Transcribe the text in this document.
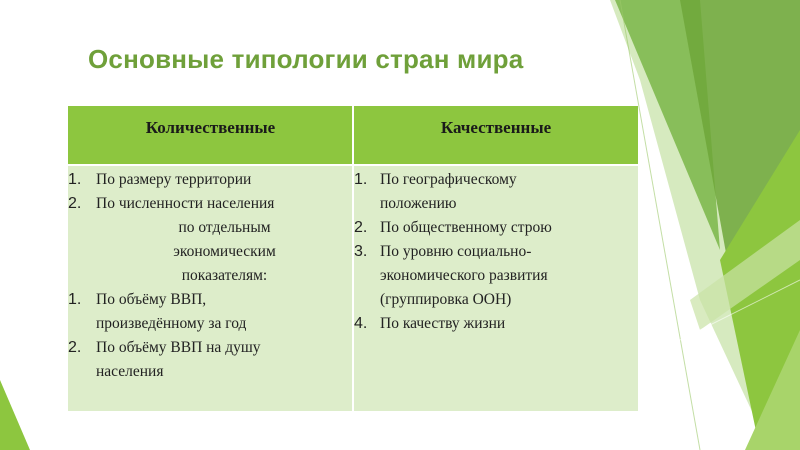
Основные типологии стран мира
Количественные	Качественные
1. По размеру территории
2. По численности населения
по отдельным
экономическим
показателям:
1. По объёму ВВП,
произведённому за год
2. По объёму ВВП на душу
населения
1. По географическому
положению
2. По общественному строю
3. По уровню социально-
экономического развития
(группировка ООН)
4. По качеству жизни
